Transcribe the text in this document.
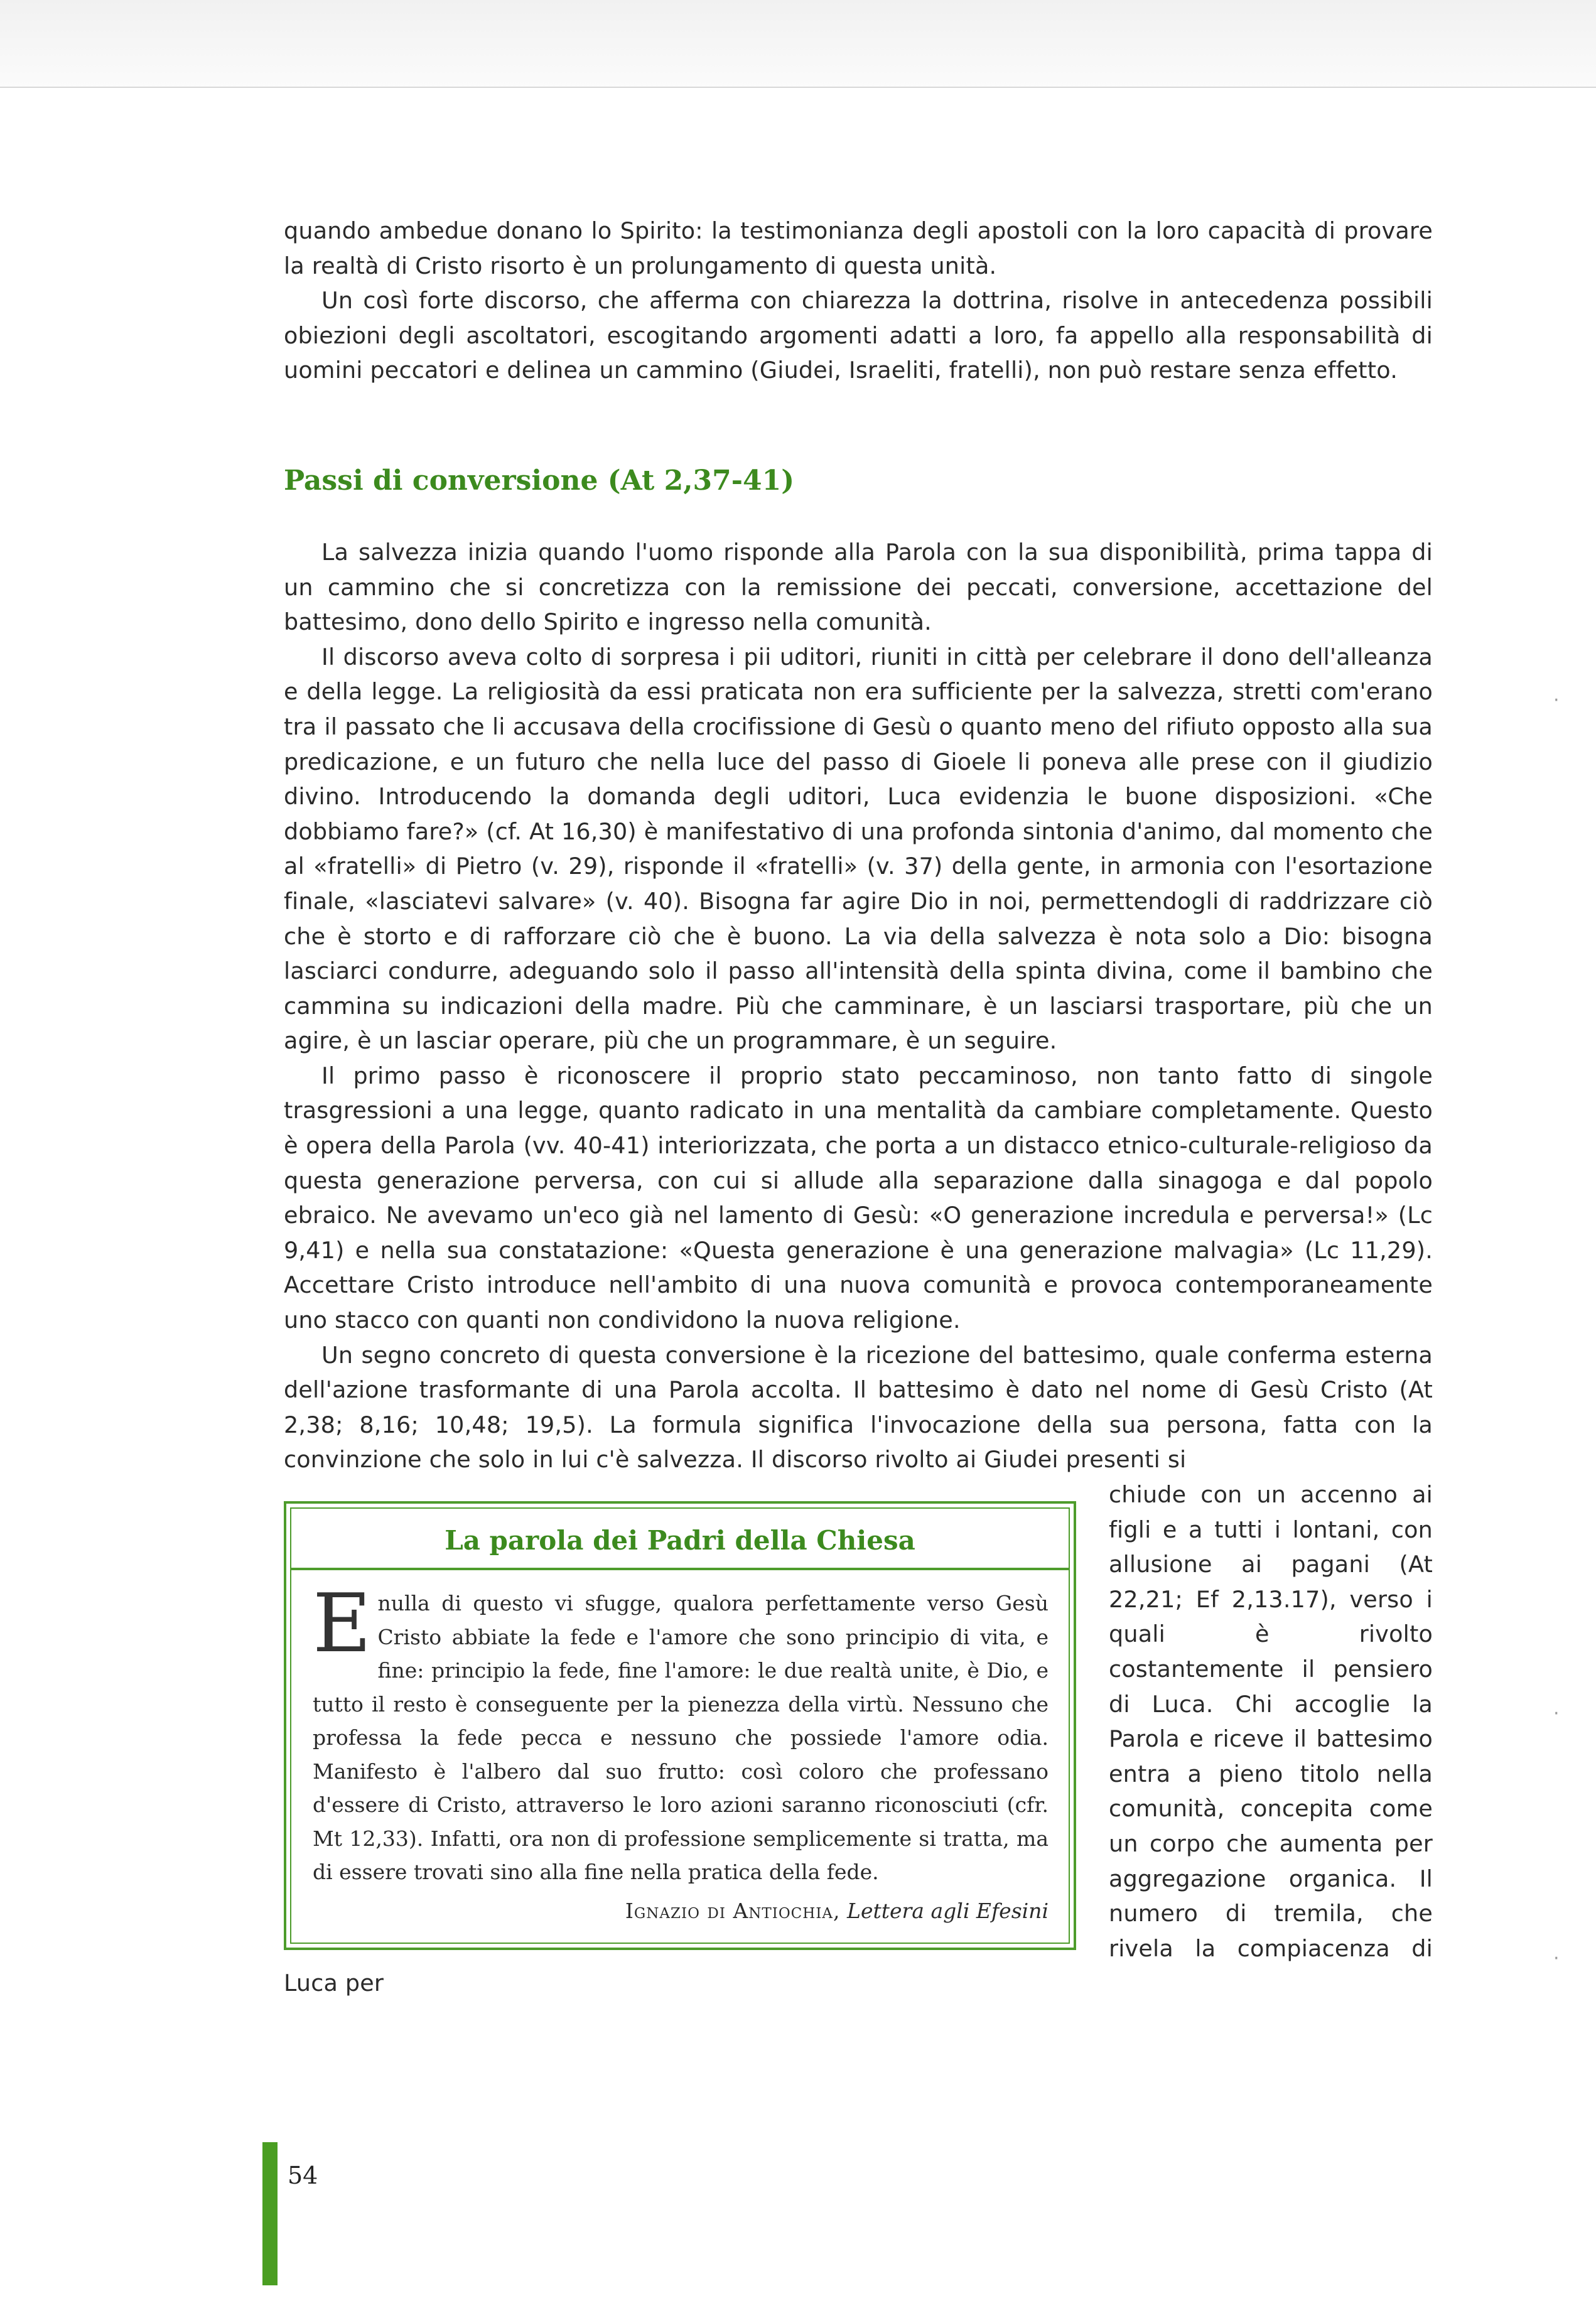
·
·
·

quando ambedue donano lo Spirito: la testimonianza degli apostoli con la loro capacità di provare la realtà di Cristo risorto è un prolungamento di questa unità.

Un così forte discorso, che afferma con chiarezza la dottrina, risolve in antecedenza possibili obiezioni degli ascoltatori, escogitando argomenti adatti a loro, fa appello alla responsabilità di uomini peccatori e delinea un cammino (Giudei, Israeliti, fratelli), non può restare senza effetto.

Passi di conversione (At 2,37-41)

La salvezza inizia quando l'uomo risponde alla Parola con la sua disponibilità, prima tappa di un cammino che si concretizza con la remissione dei peccati, conversione, accettazione del battesimo, dono dello Spirito e ingresso nella comunità.

Il discorso aveva colto di sorpresa i pii uditori, riuniti in città per celebrare il dono dell'alleanza e della legge. La religiosità da essi praticata non era sufficiente per la salvezza, stretti com'erano tra il passato che li accusava della crocifissione di Gesù o quanto meno del rifiuto opposto alla sua predicazione, e un futuro che nella luce del passo di Gioele li poneva alle prese con il giudizio divino. Introducendo la domanda degli uditori, Luca evidenzia le buone disposizioni. «Che dobbiamo fare?» (cf. At 16,30) è manifestativo di una profonda sintonia d'animo, dal momento che al «fratelli» di Pietro (v. 29), risponde il «fratelli» (v. 37) della gente, in armonia con l'esortazione finale, «lasciatevi salvare» (v. 40). Bisogna far agire Dio in noi, permettendogli di raddrizzare ciò che è storto e di rafforzare ciò che è buono. La via della salvezza è nota solo a Dio: bisogna lasciarci condurre, adeguando solo il passo all'intensità della spinta divina, come il bambino che cammina su indicazioni della madre. Più che camminare, è un lasciarsi trasportare, più che un agire, è un lasciar operare, più che un programmare, è un seguire.

Il primo passo è riconoscere il proprio stato peccaminoso, non tanto fatto di singole trasgressioni a una legge, quanto radicato in una mentalità da cambiare completamente. Questo è opera della Parola (vv. 40-41) interiorizzata, che porta a un distacco etnico-culturale-religioso da questa generazione perversa, con cui si allude alla separazione dalla sinagoga e dal popolo ebraico. Ne avevamo un'eco già nel lamento di Gesù: «O generazione incredula e perversa!» (Lc 9,41) e nella sua constatazione: «Questa generazione è una generazione malvagia» (Lc 11,29). Accettare Cristo introduce nell'ambito di una nuova comunità e provoca contemporaneamente uno stacco con quanti non condividono la nuova religione.

Un segno concreto di questa conversione è la ricezione del battesimo, quale conferma esterna dell'azione trasformante di una Parola accolta. Il battesimo è dato nel nome di Gesù Cristo (At 2,38; 8,16; 10,48; 19,5). La formula significa l'invocazione della sua persona, fatta con la convinzione che solo in lui c'è salvezza. Il discorso rivolto ai Giudei presenti si

La parola dei Padri della Chiesa
E nulla di questo vi sfugge, qualora perfettamente verso Gesù Cristo abbiate la fede e l'amore che sono principio di vita, e fine: principio la fede, fine l'amore: le due realtà unite, è Dio, e tutto il resto è conseguente per la pienezza della virtù. Nessuno che professa la fede pecca e nessuno che possiede l'amore odia. Manifesto è l'albero dal suo frutto: così coloro che professano d'essere di Cristo, attraverso le loro azioni saranno riconosciuti (cfr. Mt 12,33). Infatti, ora non di professione semplicemente si tratta, ma di essere trovati sino alla fine nella pratica della fede.
Ignazio di Antiochia, Lettera agli Efesini

chiude con un accenno ai figli e a tutti i lontani, con allusione ai pagani (At 22,21; Ef 2,13.17), verso i quali è rivolto costantemente il pensiero di Luca. Chi accoglie la Parola e riceve il battesimo entra a pieno titolo nella comunità, concepita come un corpo che aumenta per aggregazione organica. Il numero di tremila, che rivela la compiacenza di Luca per

54
